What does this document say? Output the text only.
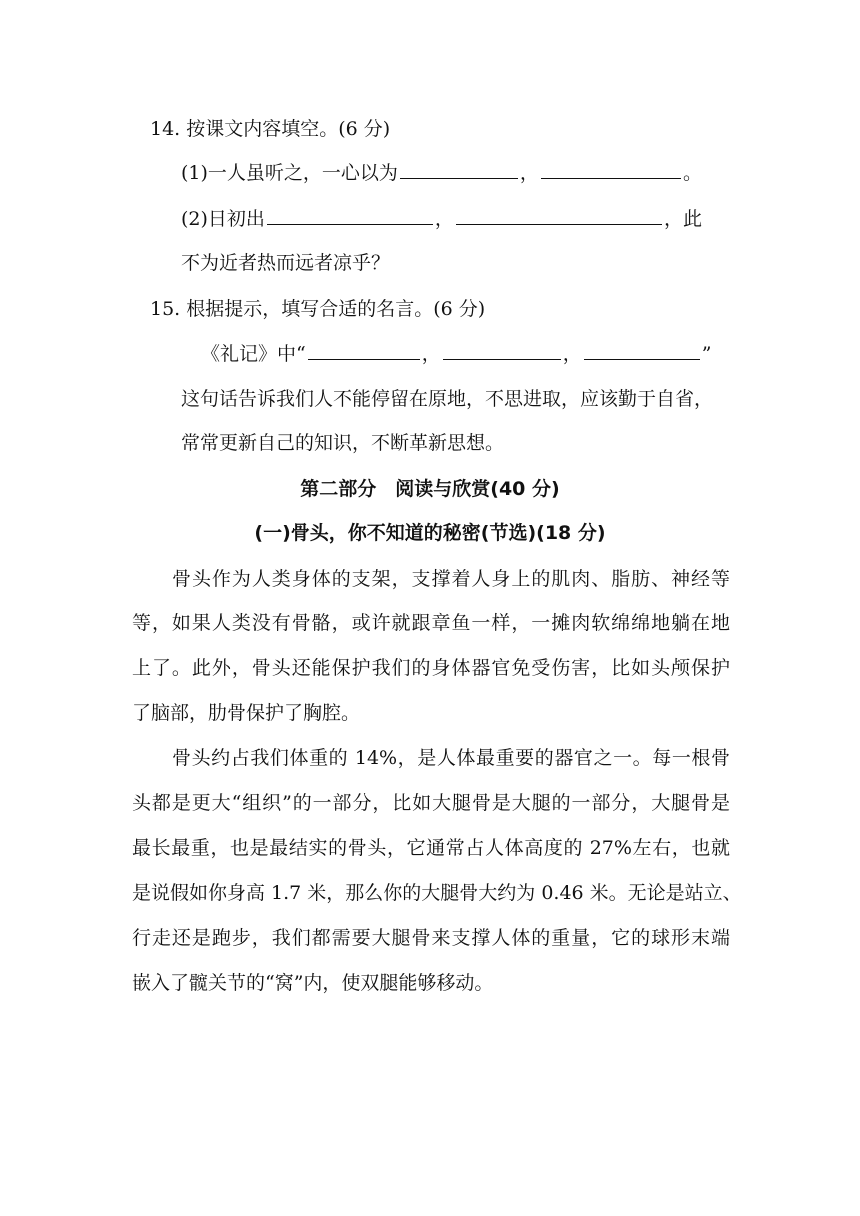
14. 按课文内容填空。(6 分)
(1)一人虽听之，一心以为	，	。
(2)日初出	，	，此
不为近者热而远者凉乎？
15. 根据提示，填写合适的名言。(6 分)
《礼记》中“	，	，	”
这句话告诉我们人不能停留在原地，不思进取，应该勤于自省，
常常更新自己的知识，不断革新思想。
第二部分　阅读与欣赏(40 分)
(一)骨头，你不知道的秘密(节选)(18 分)
骨头作为人类身体的支架，支撑着人身上的肌肉、脂肪、神经等
等，如果人类没有骨骼，或许就跟章鱼一样，一摊肉软绵绵地躺在地
上了。此外，骨头还能保护我们的身体器官免受伤害，比如头颅保护
了脑部，肋骨保护了胸腔。
骨头约占我们体重的 14%，是人体最重要的器官之一。每一根骨
头都是更大“组织”的一部分，比如大腿骨是大腿的一部分，大腿骨是
最长最重，也是最结实的骨头，它通常占人体高度的 27%左右，也就
是说假如你身高 1.7 米，那么你的大腿骨大约为 0.46 米。无论是站立、
行走还是跑步，我们都需要大腿骨来支撑人体的重量，它的球形末端
嵌入了髋关节的“窝”内，使双腿能够移动。
